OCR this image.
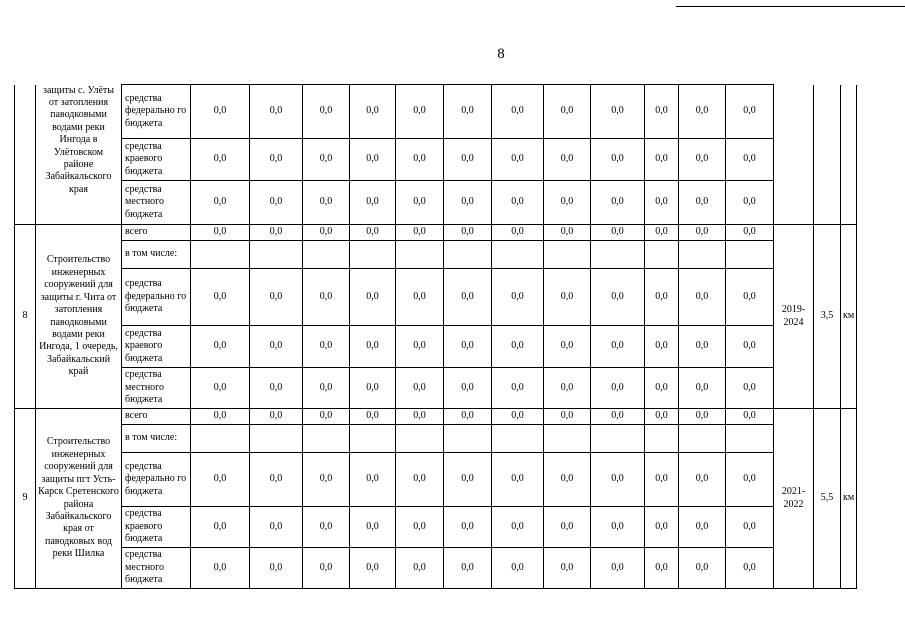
8
	защиты с. Улёты от затопления паводковыми водами реки Ингода в Улётовском районе Забайкальского края	средства федерально го бюджета	0,0	0,0	0,0	0,0	0,0	0,0	0,0	0,0	0,0	0,0	0,0	0,0			
		средства краевого бюджета	0,0	0,0	0,0	0,0	0,0	0,0	0,0	0,0	0,0	0,0	0,0	0,0			
		средства местного бюджета	0,0	0,0	0,0	0,0	0,0	0,0	0,0	0,0	0,0	0,0	0,0	0,0			
8	Строительство инженерных сооружений для защиты г. Чита от затопления паводковыми водами реки Ингода, 1 очередь, Забайкальский край	всего	0,0	0,0	0,0	0,0	0,0	0,0	0,0	0,0	0,0	0,0	0,0	0,0	2019-2024	3,5	км
		в том числе:															
		средства федерально го бюджета	0,0	0,0	0,0	0,0	0,0	0,0	0,0	0,0	0,0	0,0	0,0	0,0			
		средства краевого бюджета	0,0	0,0	0,0	0,0	0,0	0,0	0,0	0,0	0,0	0,0	0,0	0,0			
		средства местного бюджета	0,0	0,0	0,0	0,0	0,0	0,0	0,0	0,0	0,0	0,0	0,0	0,0			
9	Строительство инженерных сооружений для защиты пгт Усть-Карск Сретенского района Забайкальского края от паводковых вод реки Шилка	всего	0,0	0,0	0,0	0,0	0,0	0,0	0,0	0,0	0,0	0,0	0,0	0,0	2021-2022	5,5	км
		в том числе:															
		средства федерально го бюджета	0,0	0,0	0,0	0,0	0,0	0,0	0,0	0,0	0,0	0,0	0,0	0,0			
		средства краевого бюджета	0,0	0,0	0,0	0,0	0,0	0,0	0,0	0,0	0,0	0,0	0,0	0,0			
		средства местного бюджета	0,0	0,0	0,0	0,0	0,0	0,0	0,0	0,0	0,0	0,0	0,0	0,0			
